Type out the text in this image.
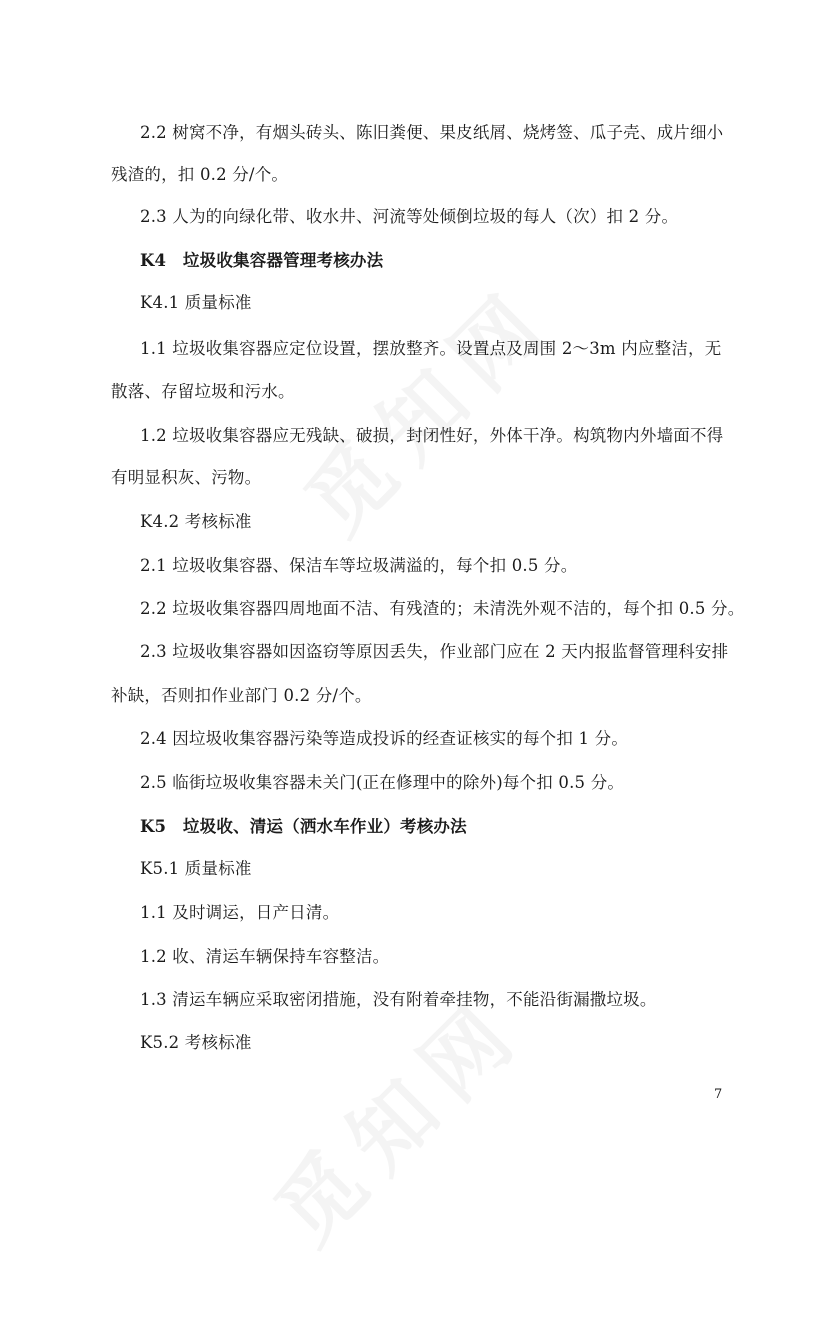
2.2 树窝不净，有烟头砖头、陈旧粪便、果皮纸屑、烧烤签、瓜子壳、成片细小
残渣的，扣 0.2 分/个。
2.3 人为的向绿化带、收水井、河流等处倾倒垃圾的每人（次）扣 2 分。
K4　垃圾收集容器管理考核办法
K4.1 质量标准
1.1 垃圾收集容器应定位设置，摆放整齐。设置点及周围 2～3m 内应整洁，无
散落、存留垃圾和污水。
1.2 垃圾收集容器应无残缺、破损，封闭性好，外体干净。构筑物内外墙面不得
有明显积灰、污物。
K4.2 考核标准
2.1 垃圾收集容器、保洁车等垃圾满溢的，每个扣 0.5 分。
2.2 垃圾收集容器四周地面不洁、有残渣的；未清洗外观不洁的，每个扣 0.5 分。
2.3 垃圾收集容器如因盗窃等原因丢失，作业部门应在 2 天内报监督管理科安排
补缺，否则扣作业部门 0.2 分/个。
2.4 因垃圾收集容器污染等造成投诉的经查证核实的每个扣 1 分。
2.5 临街垃圾收集容器未关门(正在修理中的除外)每个扣 0.5 分。
K5　垃圾收、清运（洒水车作业）考核办法
K5.1 质量标准
1.1 及时调运，日产日清。
1.2 收、清运车辆保持车容整洁。
1.3 清运车辆应采取密闭措施，没有附着牵挂物，不能沿街漏撒垃圾。
K5.2 考核标准
7
